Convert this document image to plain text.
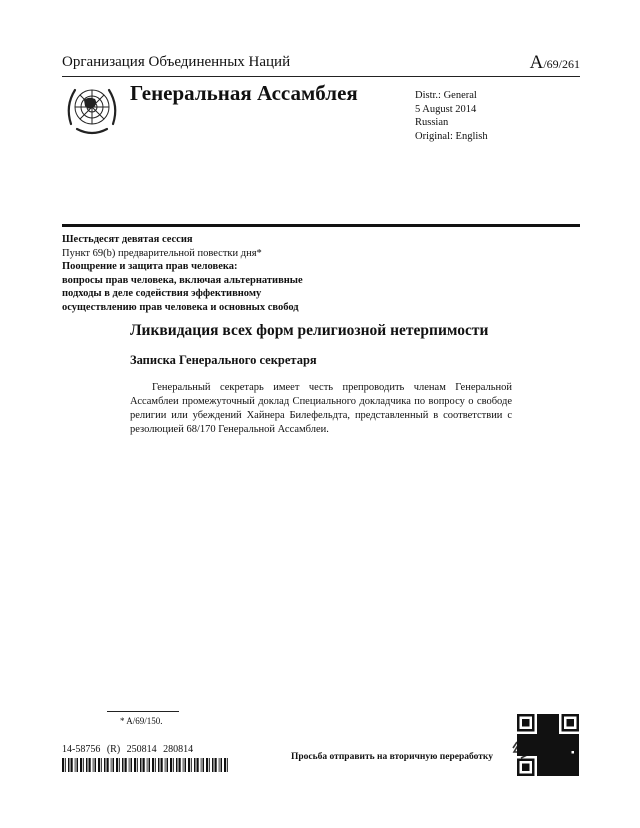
Организация Объединенных Наций	A/69/261
Генеральная Ассамблея	Distr.: General
5 August 2014
Russian
Original: English
Шестьдесят девятая сессия
Пункт 69(b) предварительной повестки дня*
Поощрение и защита прав человека:
вопросы прав человека, включая альтернативные
подходы в деле содействия эффективному
осуществлению прав человека и основных свобод
Ликвидация всех форм религиозной нетерпимости
Записка Генерального секретаря
Генеральный секретарь имеет честь препроводить членам Генеральной Ассамблеи промежуточный доклад Специального докладчика по вопросу о свободе религии или убеждений Хайнера Билефельдта, представленный в соответствии с резолюцией 68/170 Генеральной Ассамблеи.
* A/69/150.
14-58756 (R) 250814 280814
Просьба отправить на вторичную переработку
